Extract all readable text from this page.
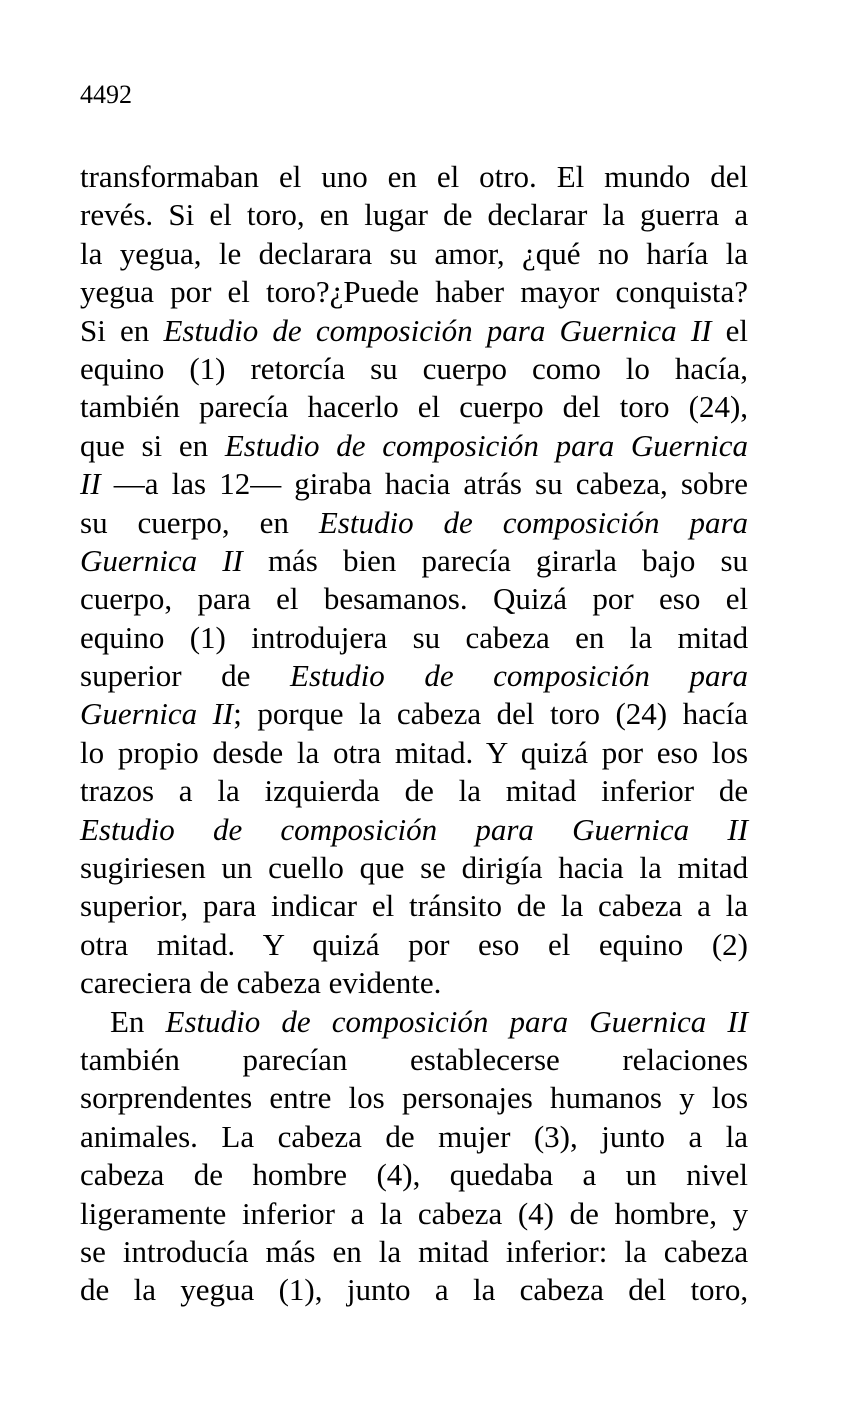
4492
transformaban el uno en el otro. El mundo del
revés. Si el toro, en lugar de declarar la guerra a
la yegua, le declarara su amor, ¿qué no haría la
yegua por el toro?¿Puede haber mayor conquista?
Si en Estudio de composición para Guernica II el
equino (1) retorcía su cuerpo como lo hacía,
también parecía hacerlo el cuerpo del toro (24),
que si en Estudio de composición para Guernica
II —a las 12— giraba hacia atrás su cabeza, sobre
su cuerpo, en Estudio de composición para
Guernica II más bien parecía girarla bajo su
cuerpo, para el besamanos. Quizá por eso el
equino (1) introdujera su cabeza en la mitad
superior de Estudio de composición para
Guernica II; porque la cabeza del toro (24) hacía
lo propio desde la otra mitad. Y quizá por eso los
trazos a la izquierda de la mitad inferior de
Estudio de composición para Guernica II
sugiriesen un cuello que se dirigía hacia la mitad
superior, para indicar el tránsito de la cabeza a la
otra mitad. Y quizá por eso el equino (2)
careciera de cabeza evidente.
En Estudio de composición para Guernica II
también parecían establecerse relaciones
sorprendentes entre los personajes humanos y los
animales. La cabeza de mujer (3), junto a la
cabeza de hombre (4), quedaba a un nivel
ligeramente inferior a la cabeza (4) de hombre, y
se introducía más en la mitad inferior: la cabeza
de la yegua (1), junto a la cabeza del toro,
